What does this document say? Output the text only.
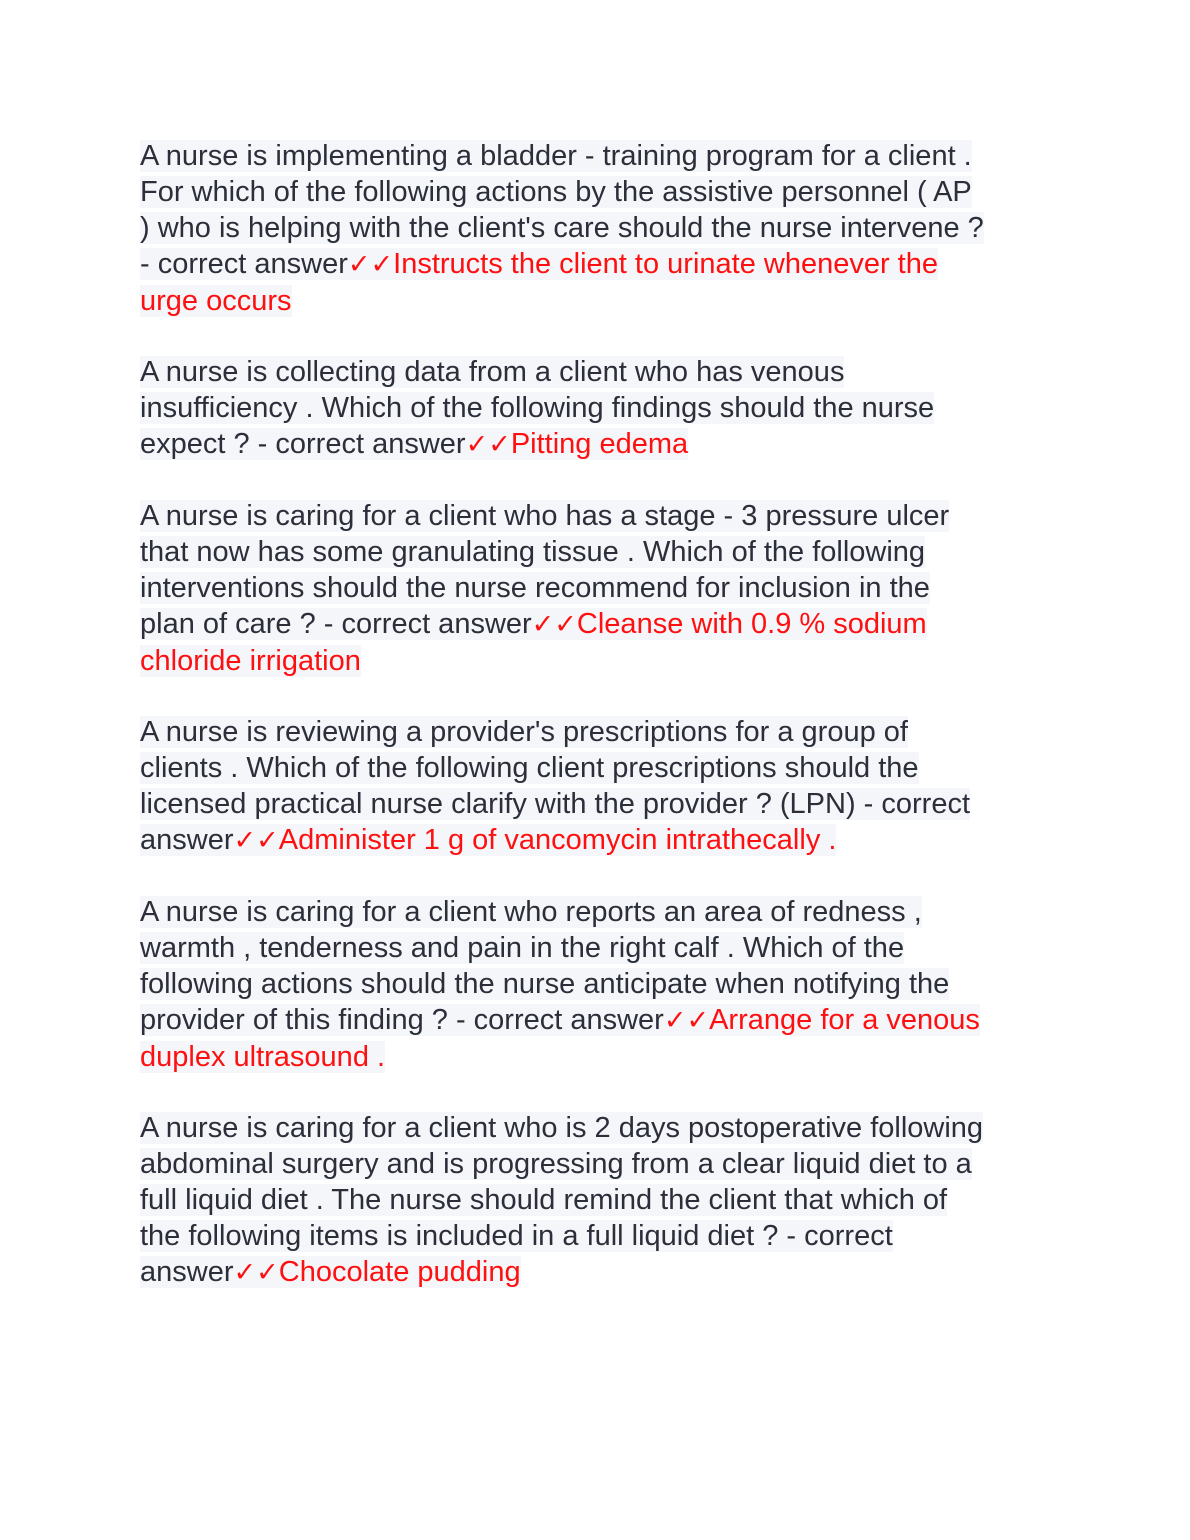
A nurse is implementing a bladder - training program for a client .
For which of the following actions by the assistive personnel ( AP
) who is helping with the client's care should the nurse intervene ?
- correct answer✓✓Instructs the client to urinate whenever the
urge occurs
A nurse is collecting data from a client who has venous
insufficiency . Which of the following findings should the nurse
expect ? - correct answer✓✓Pitting edema
A nurse is caring for a client who has a stage - 3 pressure ulcer
that now has some granulating tissue . Which of the following
interventions should the nurse recommend for inclusion in the
plan of care ? - correct answer✓✓Cleanse with 0.9 % sodium
chloride irrigation
A nurse is reviewing a provider's prescriptions for a group of
clients . Which of the following client prescriptions should the
licensed practical nurse clarify with the provider ? (LPN) - correct
answer✓✓Administer 1 g of vancomycin intrathecally .
A nurse is caring for a client who reports an area of redness ,
warmth , tenderness and pain in the right calf . Which of the
following actions should the nurse anticipate when notifying the
provider of this finding ? - correct answer✓✓Arrange for a venous
duplex ultrasound .
A nurse is caring for a client who is 2 days postoperative following
abdominal surgery and is progressing from a clear liquid diet to a
full liquid diet . The nurse should remind the client that which of
the following items is included in a full liquid diet ? - correct
answer✓✓Chocolate pudding
